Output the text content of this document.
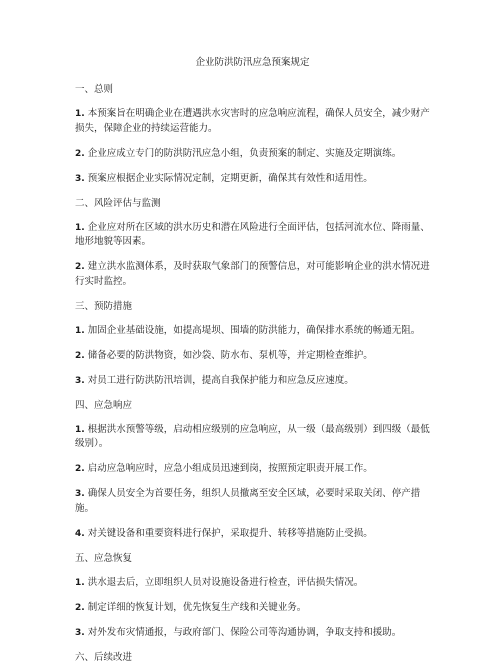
企业防洪防汛应急预案规定
一、总则

1. 本预案旨在明确企业在遭遇洪水灾害时的应急响应流程，确保人员安全，减少财产损失，保障企业的持续运营能力。

2. 企业应成立专门的防洪防汛应急小组，负责预案的制定、实施及定期演练。

3. 预案应根据企业实际情况定制，定期更新，确保其有效性和适用性。

二、风险评估与监测

1. 企业应对所在区域的洪水历史和潜在风险进行全面评估，包括河流水位、降雨量、地形地貌等因素。

2. 建立洪水监测体系，及时获取气象部门的预警信息，对可能影响企业的洪水情况进行实时监控。

三、预防措施

1. 加固企业基础设施，如提高堤坝、围墙的防洪能力，确保排水系统的畅通无阻。

2. 储备必要的防洪物资，如沙袋、防水布、泵机等，并定期检查维护。

3. 对员工进行防洪防汛培训，提高自我保护能力和应急反应速度。

四、应急响应

1. 根据洪水预警等级，启动相应级别的应急响应，从一级（最高级别）到四级（最低级别）。

2. 启动应急响应时，应急小组成员迅速到岗，按照预定职责开展工作。

3. 确保人员安全为首要任务，组织人员撤离至安全区域，必要时采取关闭、停产措施。

4. 对关键设备和重要资料进行保护，采取提升、转移等措施防止受损。

五、应急恢复

1. 洪水退去后，立即组织人员对设施设备进行检查，评估损失情况。

2. 制定详细的恢复计划，优先恢复生产线和关键业务。

3. 对外发布灾情通报，与政府部门、保险公司等沟通协调，争取支持和援助。

六、后续改进
